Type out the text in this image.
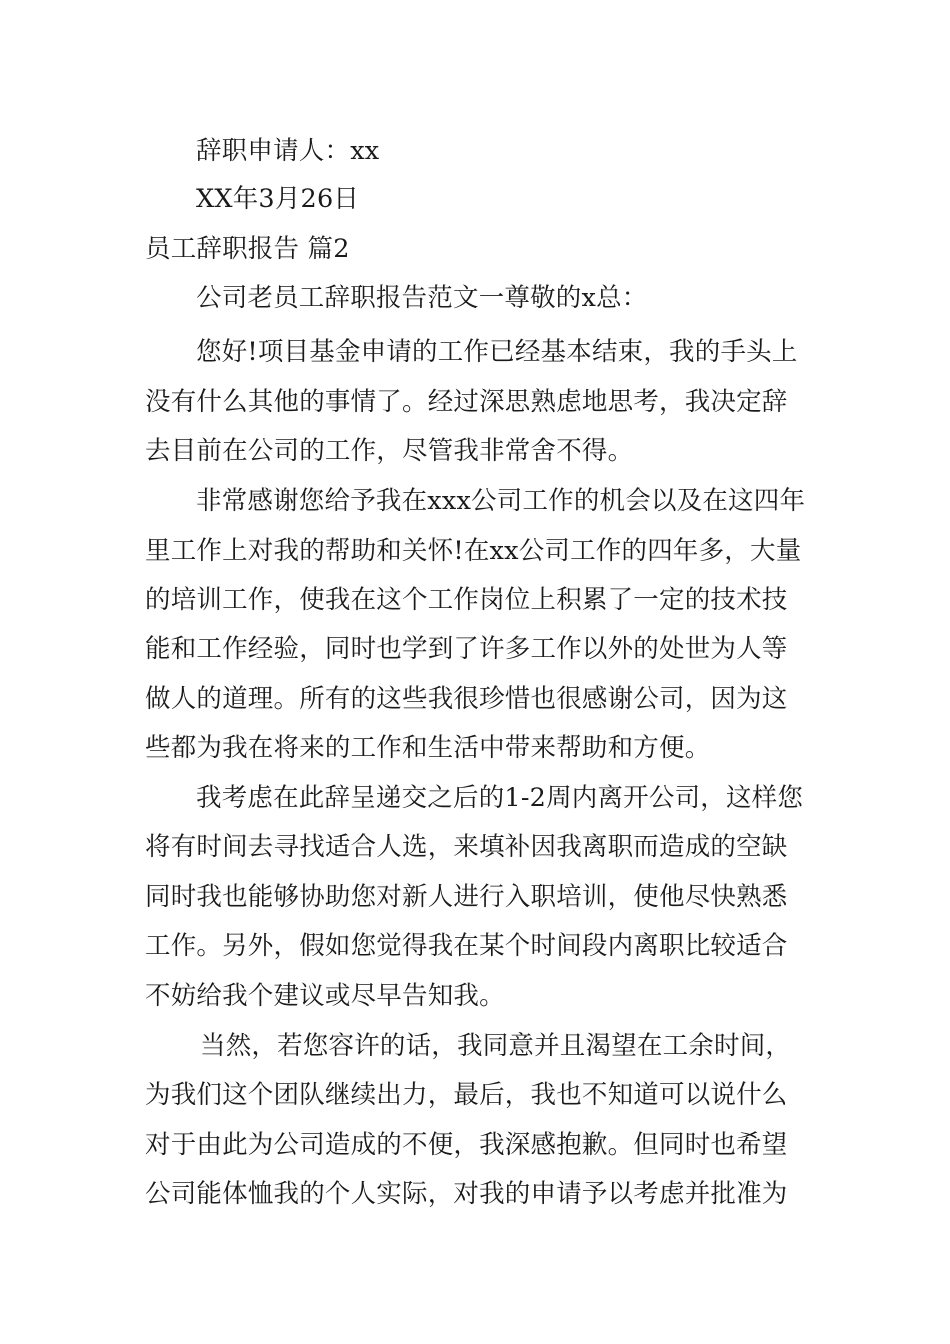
辞职申请人：xx
XX年3月26日
员工辞职报告 篇2
公司老员工辞职报告范文一尊敬的x总：
您好!项目基金申请的工作已经基本结束，我的手头上
没有什么其他的事情了。经过深思熟虑地思考，我决定辞
去目前在公司的工作，尽管我非常舍不得。
非常感谢您给予我在xxx公司工作的机会以及在这四年
里工作上对我的帮助和关怀!在xx公司工作的四年多，大量
的培训工作，使我在这个工作岗位上积累了一定的技术技
能和工作经验，同时也学到了许多工作以外的处世为人等
做人的道理。所有的这些我很珍惜也很感谢公司，因为这
些都为我在将来的工作和生活中带来帮助和方便。
我考虑在此辞呈递交之后的1-2周内离开公司，这样您
将有时间去寻找适合人选，来填补因我离职而造成的空缺
同时我也能够协助您对新人进行入职培训，使他尽快熟悉
工作。另外，假如您觉得我在某个时间段内离职比较适合
不妨给我个建议或尽早告知我。
当然，若您容许的话，我同意并且渴望在工余时间，
为我们这个团队继续出力，最后，我也不知道可以说什么
对于由此为公司造成的不便，我深感抱歉。但同时也希望
公司能体恤我的个人实际，对我的申请予以考虑并批准为
